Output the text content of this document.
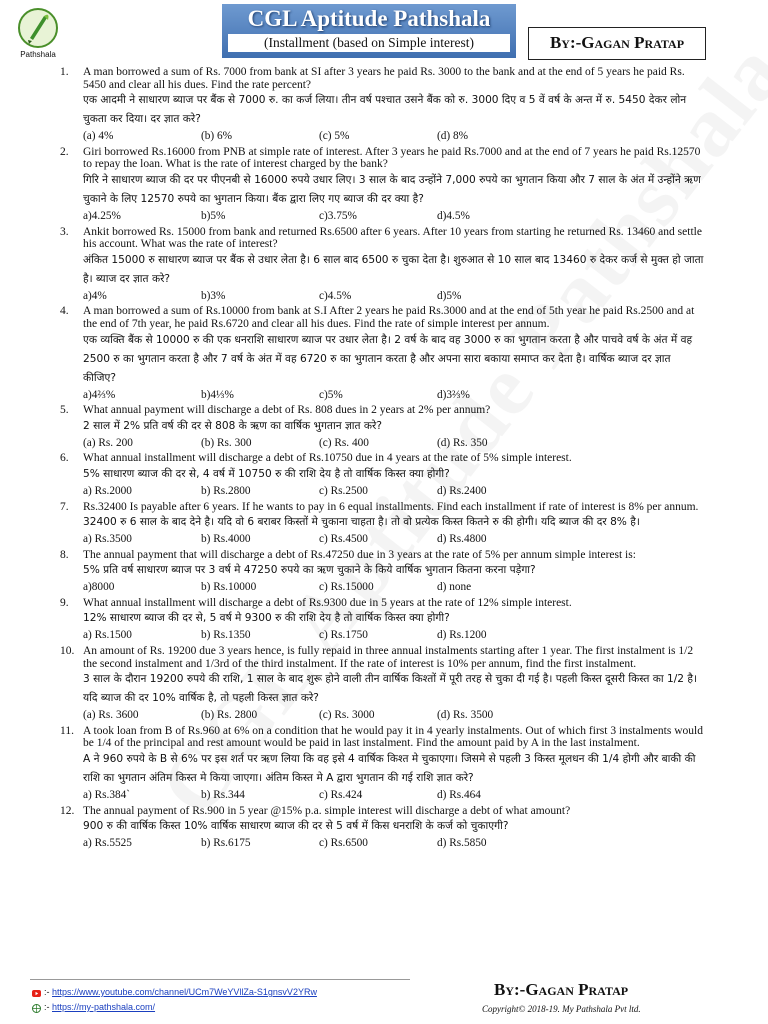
Pathshala
CGL Aptitude Pathshala
(Installment (based on Simple interest)	By:-Gagan Pratap
1. A man borrowed a sum of Rs. 7000 from bank at SI after 3 years he paid Rs. 3000 to the bank and at the end of 5 years he paid Rs. 5450 and clear all his dues. Find the rate percent?
एक आदमी ने साधारण ब्याज पर बैंक से 7000 रु. का कर्ज लिया। तीन वर्ष पश्चात उसने बैंक को रु. 3000 दिए व 5 वें वर्ष के अन्त में रु. 5450 देकर लोन चुकता कर दिया। दर ज्ञात करे?
(a) 4%	(b) 6%	(c) 5%	(d) 8%
2. Giri borrowed Rs.16000 from PNB at simple rate of interest. After 3 years he paid Rs.7000 and at the end of 7 years he paid Rs.12570 to repay the loan. What is the rate of interest charged by the bank?
गिरि ने साधारण ब्याज की दर पर पीएनबी से 16000 रुपये उधार लिए। 3 साल के बाद उन्होंने 7,000 रुपये का भुगतान किया और 7 साल के अंत में उन्होंने ऋण चुकाने के लिए 12570 रुपये का भुगतान किया। बैंक द्वारा लिए गए ब्याज की दर क्या है?
a)4.25%	b)5%	c)3.75%	d)4.5%
3. Ankit borrowed Rs. 15000 from bank and returned Rs.6500 after 6 years. After 10 years from starting he returned Rs. 13460 and settle his account. What was the rate of interest?
अंकित 15000 रु साधारण ब्याज पर बैंक से उधार लेता है। 6 साल बाद 6500 रु चुका देता है। शुरुआत से 10 साल बाद 13460 रु देकर कर्ज से मुक्त हो जाता है। ब्याज दर ज्ञात करे?
a)4%	b)3%	c)4.5%	d)5%
4. A man borrowed a sum of Rs.10000 from bank at S.I After 2 years he paid Rs.3000 and at the end of 5th year he paid Rs.2500 and at the end of 7th year, he paid Rs.6720 and clear all his dues. Find the rate of simple interest per annum.
एक व्यक्ति बैंक से 10000 रु की एक धनराशि साधारण ब्याज पर उधार लेता है। 2 वर्ष के बाद वह 3000 रु का भुगतान करता है और पाचवे वर्ष के अंत में वह 2500 रु का भुगतान करता है और 7 वर्ष के अंत में वह 6720 रु का भुगतान करता है और अपना सारा बकाया समाप्त कर देता है। वार्षिक ब्याज दर ज्ञात कीजिए?
a)4⅔%	b)4⅓%	c)5%	d)3⅔%
5. What annual payment will discharge a debt of Rs. 808 dues in 2 years at 2% per annum?
2 साल में 2% प्रति वर्ष की दर से 808 के ऋण का वार्षिक भुगतान ज्ञात करे?
(a) Rs. 200	(b) Rs. 300	(c) Rs. 400	(d) Rs. 350
6. What annual installment will discharge a debt of Rs.10750 due in 4 years at the rate of 5% simple interest.
5% साधारण ब्याज की दर से, 4 वर्ष में 10750 रु की राशि देय है तो वार्षिक किस्त क्या होगी?
a) Rs.2000	b) Rs.2800	c) Rs.2500	d) Rs.2400
7. Rs.32400 Is payable after 6 years. If he wants to pay in 6 equal installments. Find each installment if rate of interest is 8% per annum.
32400 रु 6 साल के बाद देने है। यदि वो 6 बराबर किस्तों मे चुकाना चाहता है। तो वो प्रत्येक किस्त कितने रु की होगी। यदि ब्याज की दर 8% है।
a) Rs.3500	b) Rs.4000	c) Rs.4500	d) Rs.4800
8. The annual payment that will discharge a debt of Rs.47250 due in 3 years at the rate of 5% per annum simple interest is:
5% प्रति वर्ष साधारण ब्याज पर 3 वर्ष मे 47250 रुपये का ऋण चुकाने के किये वार्षिक भुगतान कितना करना पड़ेगा?
a)8000	b) Rs.10000	c) Rs.15000	d) none
9. What annual installment will discharge a debt of Rs.9300 due in 5 years at the rate of 12% simple interest.
12% साधारण ब्याज की दर से, 5 वर्ष मे 9300 रु की राशि देय है तो वार्षिक किस्त क्या होगी?
a) Rs.1500	b) Rs.1350	c) Rs.1750	d) Rs.1200
10. An amount of Rs. 19200 due 3 years hence, is fully repaid in three annual instalments starting after 1 year. The first instalment is 1/2 the second instalment and 1/3rd of the third instalment. If the rate of interest is 10% per annum, find the first instalment.
3 साल के दौरान 19200 रुपये की राशि, 1 साल के बाद शुरू होने वाली तीन वार्षिक किश्तों में पूरी तरह से चुका दी गई है। पहली किस्त दूसरी किस्त का 1/2 है। यदि ब्याज की दर 10% वार्षिक है, तो पहली किस्त ज्ञात करे?
(a) Rs. 3600	(b) Rs. 2800	(c) Rs. 3000	(d) Rs. 3500
11. A took loan from B of Rs.960 at 6% on a condition that he would pay it in 4 yearly instalments. Out of which first 3 instalments would be 1/4 of the principal and rest amount would be paid in last instalment. Find the amount paid by A in the last instalment.
A ने 960 रुपये के B से 6% पर इस शर्त पर ऋण लिया कि वह इसे 4 वार्षिक किश्त मे चुकाएगा। जिसमे से पहली 3 किस्त मूलधन की 1/4 होगी और बाकी की राशि का भुगतान अंतिम किस्त मे किया जाएगा। अंतिम किस्त मे A द्वारा भुगतान की गई राशि ज्ञात करे?
a) Rs.384`	b) Rs.344	c) Rs.424	d) Rs.464
12. The annual payment of Rs.900 in 5 year @15% p.a. simple interest will discharge a debt of what amount?
900 रु की वार्षिक किस्त 10% वार्षिक साधारण ब्याज की दर से 5 वर्ष में किस धनराशि के कर्ज को चुकाएगी?
a) Rs.5525	b) Rs.6175	c) Rs.6500	d) Rs.5850
:- https://www.youtube.com/channel/UCm7WeYVllZa-S1gnsvV2YRw
:- https://my-pathshala.com/
By:-Gagan Pratap
Copyright© 2018-19. My Pathshala Pvt ltd.
